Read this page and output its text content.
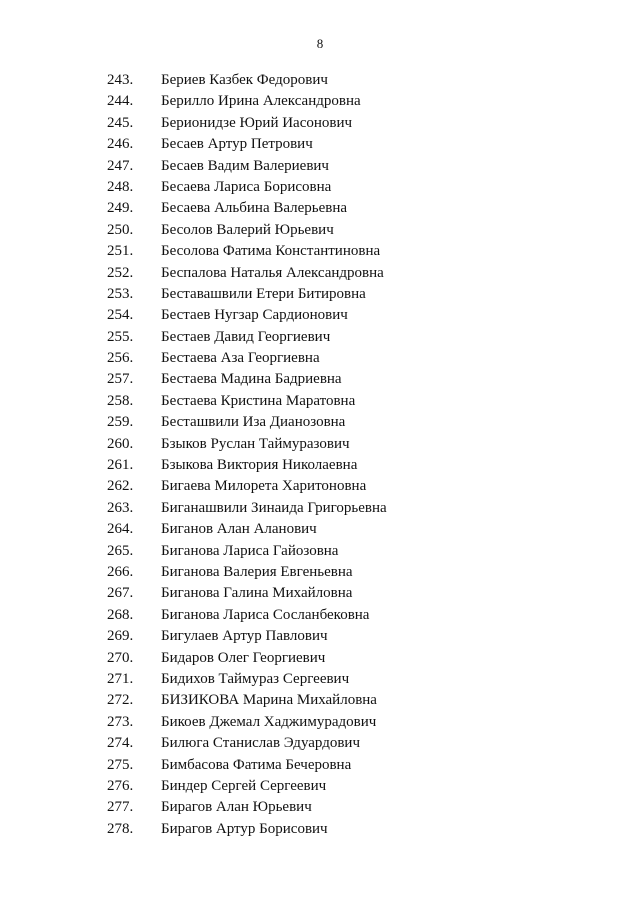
8
243. Бериев Казбек Федорович
244. Берилло Ирина Александровна
245. Берионидзе Юрий Иасонович
246. Бесаев Артур Петрович
247. Бесаев Вадим Валериевич
248. Бесаева Лариса Борисовна
249. Бесаева Альбина Валерьевна
250. Бесолов Валерий Юрьевич
251. Бесолова Фатима Константиновна
252. Беспалова Наталья Александровна
253. Беставашвили Етери Битировна
254. Бестаев Нугзар Сардионович
255. Бестаев Давид Георгиевич
256. Бестаева Аза Георгиевна
257. Бестаева Мадина Бадриевна
258. Бестаева Кристина Маратовна
259. Бесташвили Иза Дианозовна
260. Бзыков Руслан Таймуразович
261. Бзыкова Виктория Николаевна
262. Бигаева Милорета Харитоновна
263. Биганашвили Зинаида Григорьевна
264. Биганов Алан Аланович
265. Биганова Лариса Гайозовна
266. Биганова Валерия Евгеньевна
267. Биганова Галина Михайловна
268. Биганова Лариса Сосланбековна
269. Бигулаев Артур Павлович
270. Бидаров Олег Георгиевич
271. Бидихов Таймураз Сергеевич
272. БИЗИКОВА Марина Михайловна
273. Бикоев Джемал Хаджимурадович
274. Билюга Станислав Эдуардович
275. Бимбасова Фатима Бечеровна
276. Биндер Сергей Сергеевич
277. Бирагов Алан Юрьевич
278. Бирагов Артур Борисович
